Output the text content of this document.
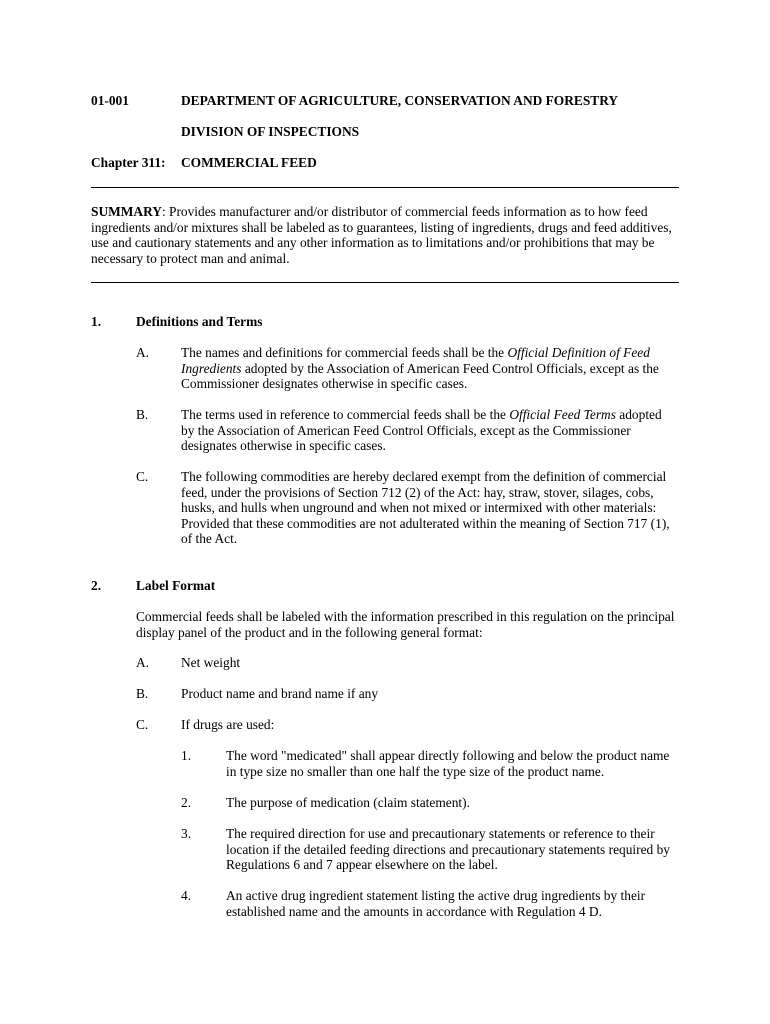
01-001	DEPARTMENT OF AGRICULTURE, CONSERVATION AND FORESTRY
DIVISION OF INSPECTIONS
Chapter 311: COMMERCIAL FEED
SUMMARY: Provides manufacturer and/or distributor of commercial feeds information as to how feed
ingredients and/or mixtures shall be labeled as to guarantees, listing of ingredients, drugs and feed additives,
use and cautionary statements and any other information as to limitations and/or prohibitions that may be
necessary to protect man and animal.
1.	Definitions and Terms
A. The names and definitions for commercial feeds shall be the Official Definition of Feed
Ingredients adopted by the Association of American Feed Control Officials, except as the
Commissioner designates otherwise in specific cases.
B. The terms used in reference to commercial feeds shall be the Official Feed Terms adopted
by the Association of American Feed Control Officials, except as the Commissioner
designates otherwise in specific cases.
C. The following commodities are hereby declared exempt from the definition of commercial
feed, under the provisions of Section 712 (2) of the Act: hay, straw, stover, silages, cobs,
husks, and hulls when unground and when not mixed or intermixed with other materials:
Provided that these commodities are not adulterated within the meaning of Section 717 (1),
of the Act.
2.	Label Format
Commercial feeds shall be labeled with the information prescribed in this regulation on the principal
display panel of the product and in the following general format:
A. Net weight
B. Product name and brand name if any
C. If drugs are used:
1.	The word "medicated" shall appear directly following and below the product name
in type size no smaller than one half the type size of the product name.
2.	The purpose of medication (claim statement).
3.	The required direction for use and precautionary statements or reference to their
location if the detailed feeding directions and precautionary statements required by
Regulations 6 and 7 appear elsewhere on the label.
4.	An active drug ingredient statement listing the active drug ingredients by their
established name and the amounts in accordance with Regulation 4 D.
